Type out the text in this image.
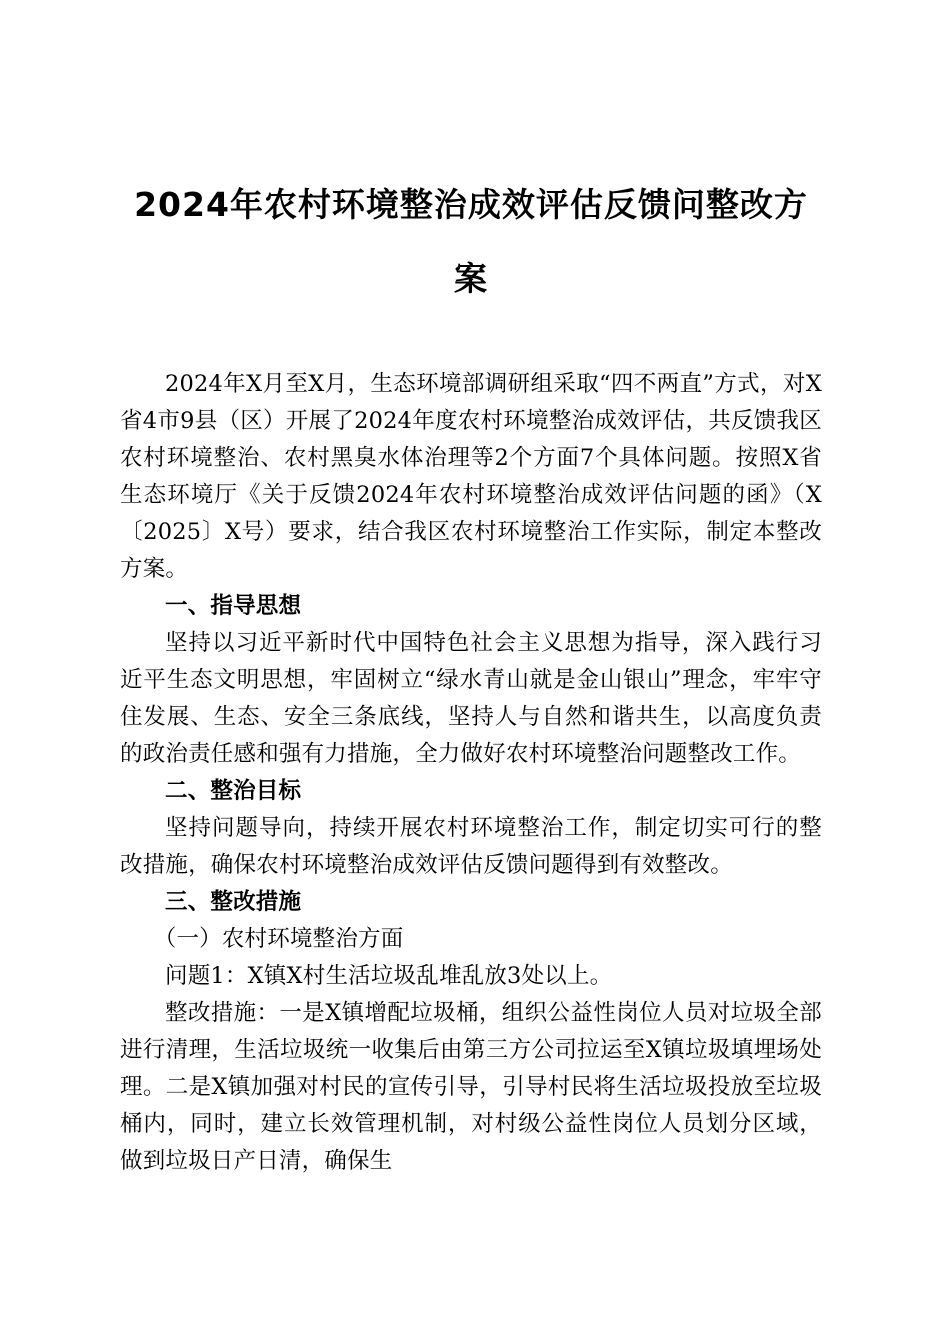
2024年农村环境整治成效评估反馈问整改方案

2024年X月至X月，生态环境部调研组采取“四不两直”方式，对X省4市9县（区）开展了2024年度农村环境整治成效评估，共反馈我区农村环境整治、农村黑臭水体治理等2个方面7个具体问题。按照X省生态环境厅《关于反馈2024年农村环境整治成效评估问题的函》（X〔2025〕X号）要求，结合我区农村环境整治工作实际，制定本整改方案。

一、指导思想

坚持以习近平新时代中国特色社会主义思想为指导，深入践行习近平生态文明思想，牢固树立“绿水青山就是金山银山”理念，牢牢守住发展、生态、安全三条底线，坚持人与自然和谐共生，以高度负责的政治责任感和强有力措施，全力做好农村环境整治问题整改工作。

二、整治目标

坚持问题导向，持续开展农村环境整治工作，制定切实可行的整改措施，确保农村环境整治成效评估反馈问题得到有效整改。

三、整改措施

（一）农村环境整治方面

问题1：X镇X村生活垃圾乱堆乱放3处以上。

整改措施：一是X镇增配垃圾桶，组织公益性岗位人员对垃圾全部进行清理，生活垃圾统一收集后由第三方公司拉运至X镇垃圾填埋场处理。二是X镇加强对村民的宣传引导，引导村民将生活垃圾投放至垃圾桶内，同时，建立长效管理机制，对村级公益性岗位人员划分区域，做到垃圾日产日清，确保生
